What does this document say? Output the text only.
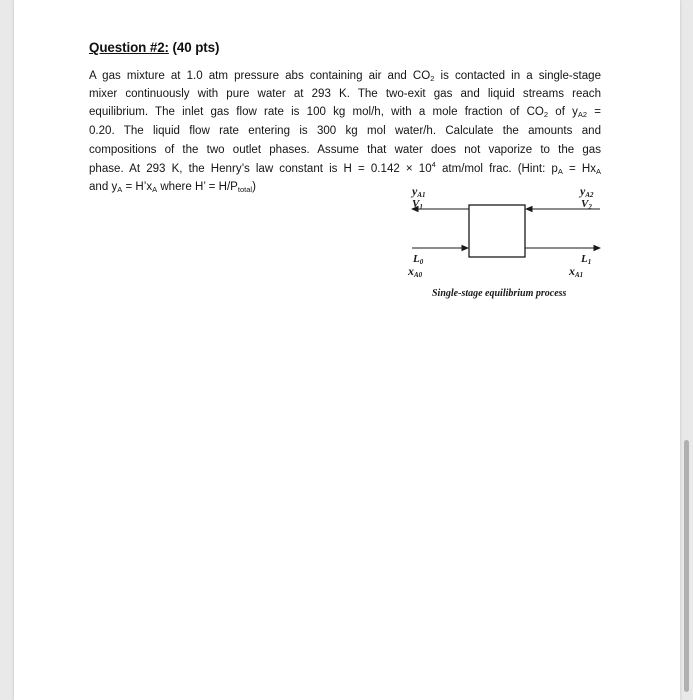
Question #2: (40 pts)
A gas mixture at 1.0 atm pressure abs containing air and $CO_2$ is contacted in a single-stage
mixer continuously with pure water at 293 K. The two-exit gas and liquid streams reach
equilibrium. The inlet gas flow rate is 100 kg mol/h, with a mole fraction of $CO_2$ of $y_{A2}$ =
0.20. The liquid flow rate entering is 300 kg mol water/h. Calculate the amounts and
compositions of the two outlet phases. Assume that water does not vaporize to the gas
phase. At 293 K, the Henry’s law constant is $H = 0.142 \times 10^4$ atm/mol frac. (Hint: $p_A = Hx_A$
and $y_A$ = $H’x_A$ where H’ = $H/P_{total}$)	yA1
V1
yA2
V2
L0
xA0
L1
xA1
Single-stage equilibrium process
